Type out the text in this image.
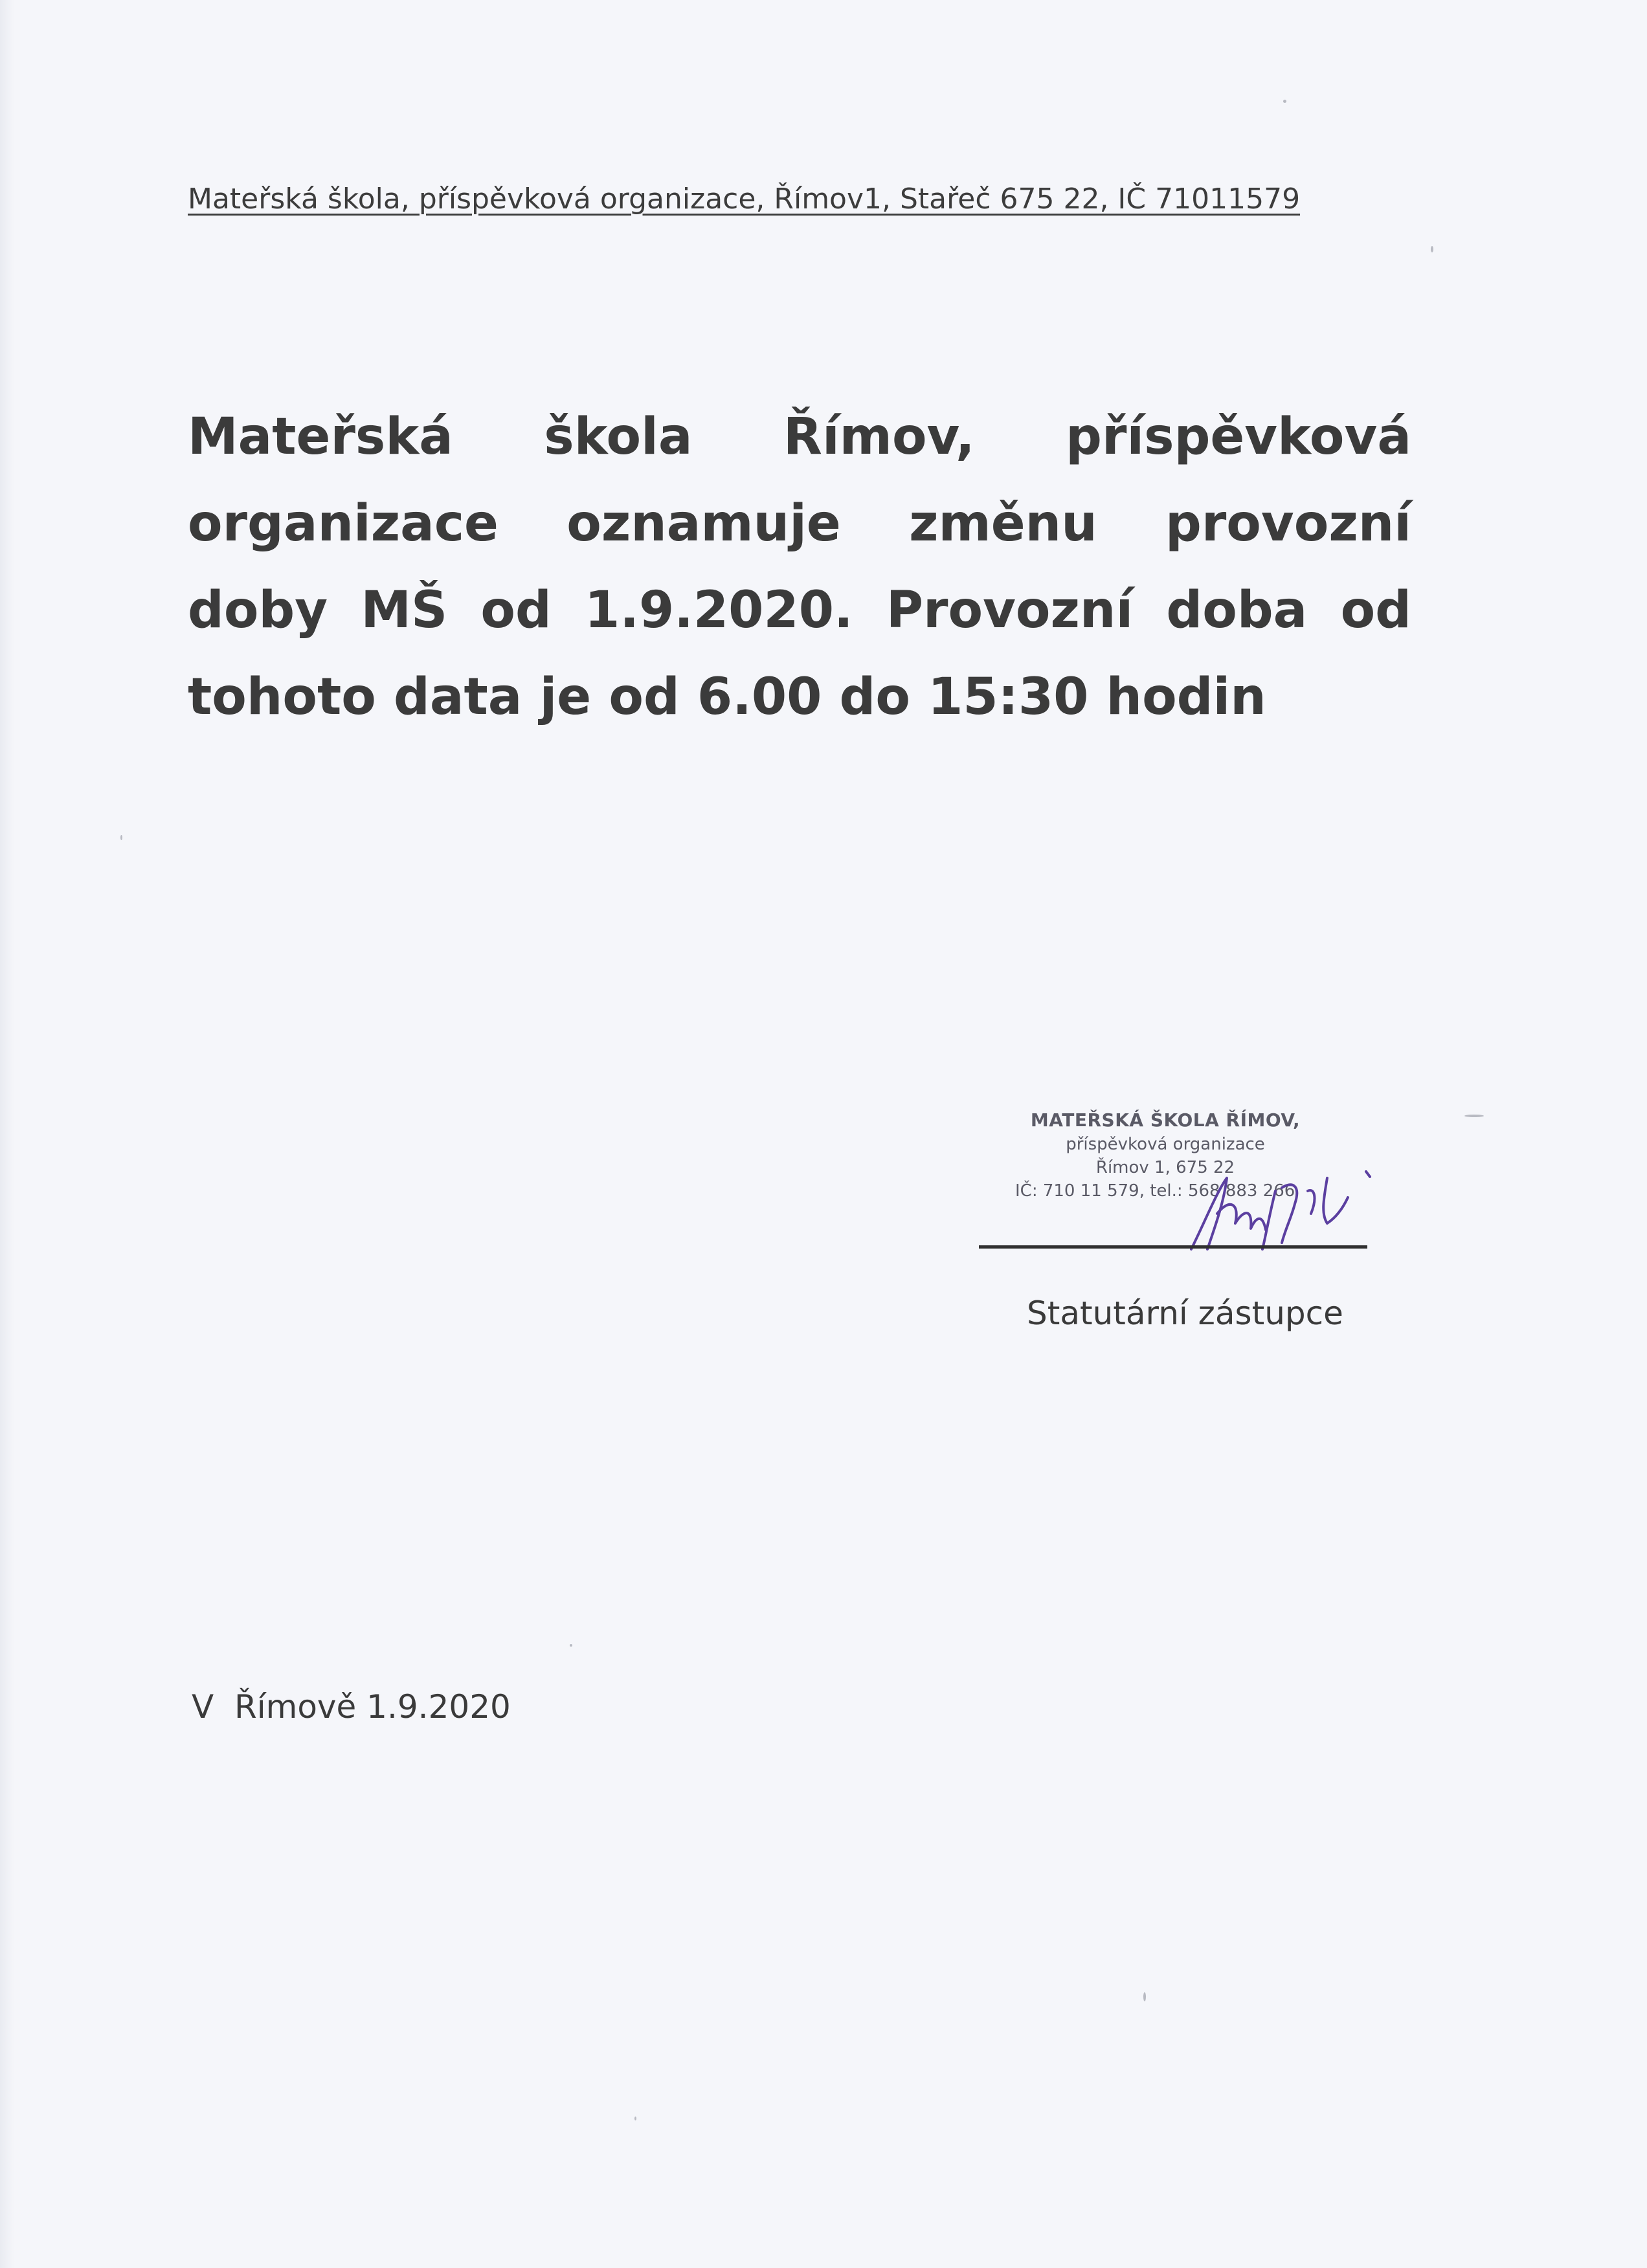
Mateřská škola, příspěvková organizace, Římov1, Stařeč 675 22, IČ 71011579

Mateřská škola Římov, příspěvková organizace oznamuje změnu provozní doby MŠ od 1.9.2020. Provozní doba od tohoto data je od 6.00 do 15:30 hodin

MATEŘSKÁ ŠKOLA ŘÍMOV,
příspěvková organizace
Římov 1, 675 22
IČ: 710 11 579, tel.: 568 883 266
Statutární zástupce
V  Římově 1.9.2020
